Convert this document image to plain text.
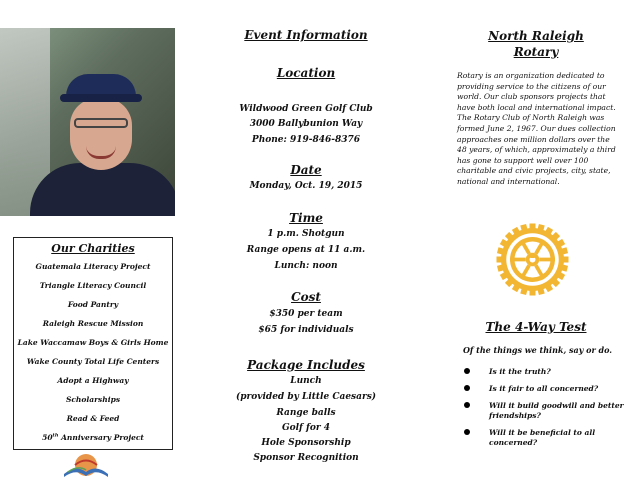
Our Charities
Guatemala Literacy Project
Triangle Literacy Council
Food Pantry
Raleigh Rescue Mission
Lake Waccamaw Boys & Girls Home
Wake County Total Life Centers
Adopt a Highway
Scholarships
Read & Feed
50th Anniversary Project
Event Information
Location
Wildwood Green Golf Club
3000 Ballybunion Way
Phone: 919-846-8376
Date
Monday, Oct. 19, 2015
Time
1 p.m. Shotgun
Range opens at 11 a.m.
Lunch: noon
Cost
$350 per team
$65 for individuals
Package Includes
Lunch
(provided by Little Caesars)
Range balls
Golf for 4
Hole Sponsorship
Sponsor Recognition
North Raleigh
Rotary
Rotary is an organization dedicated to providing service to the citizens of our world. Our club sponsors projects that have both local and international impact. The Rotary Club of North Raleigh was formed June 2, 1967. Our dues collection approaches one million dollars over the 48 years, of which, approximately a third has gone to support well over 100 charitable and civic projects, city, state, national and international.
The 4-Way Test
Of the things we think, say or do.
Is it the truth?
Is it fair to all concerned?
Will it build goodwill and better friendships?
Will it be beneficial to all concerned?
